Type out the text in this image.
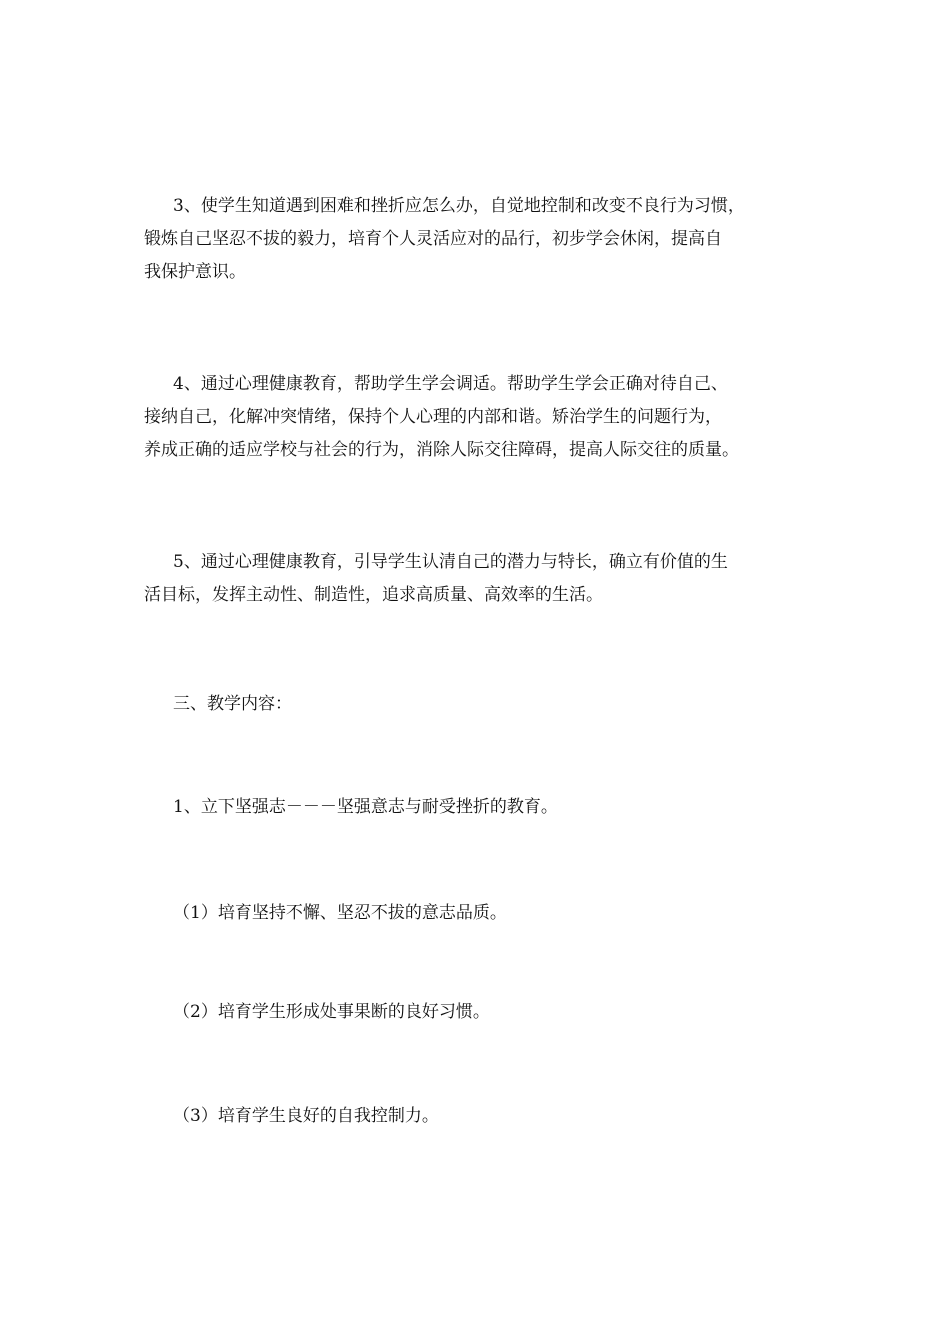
3、使学生知道遇到困难和挫折应怎么办，自觉地控制和改变不良行为习惯，
锻炼自己坚忍不拔的毅力，培育个人灵活应对的品行，初步学会休闲，提高自
我保护意识。
4、通过心理健康教育，帮助学生学会调适。帮助学生学会正确对待自己、
接纳自己，化解冲突情绪，保持个人心理的内部和谐。矫治学生的问题行为，
养成正确的适应学校与社会的行为，消除人际交往障碍，提高人际交往的质量。
5、通过心理健康教育，引导学生认清自己的潜力与特长，确立有价值的生
活目标，发挥主动性、制造性，追求高质量、高效率的生活。
三、教学内容：
1、立下坚强志－－－坚强意志与耐受挫折的教育。
（1）培育坚持不懈、坚忍不拔的意志品质。
（2）培育学生形成处事果断的良好习惯。
（3）培育学生良好的自我控制力。
